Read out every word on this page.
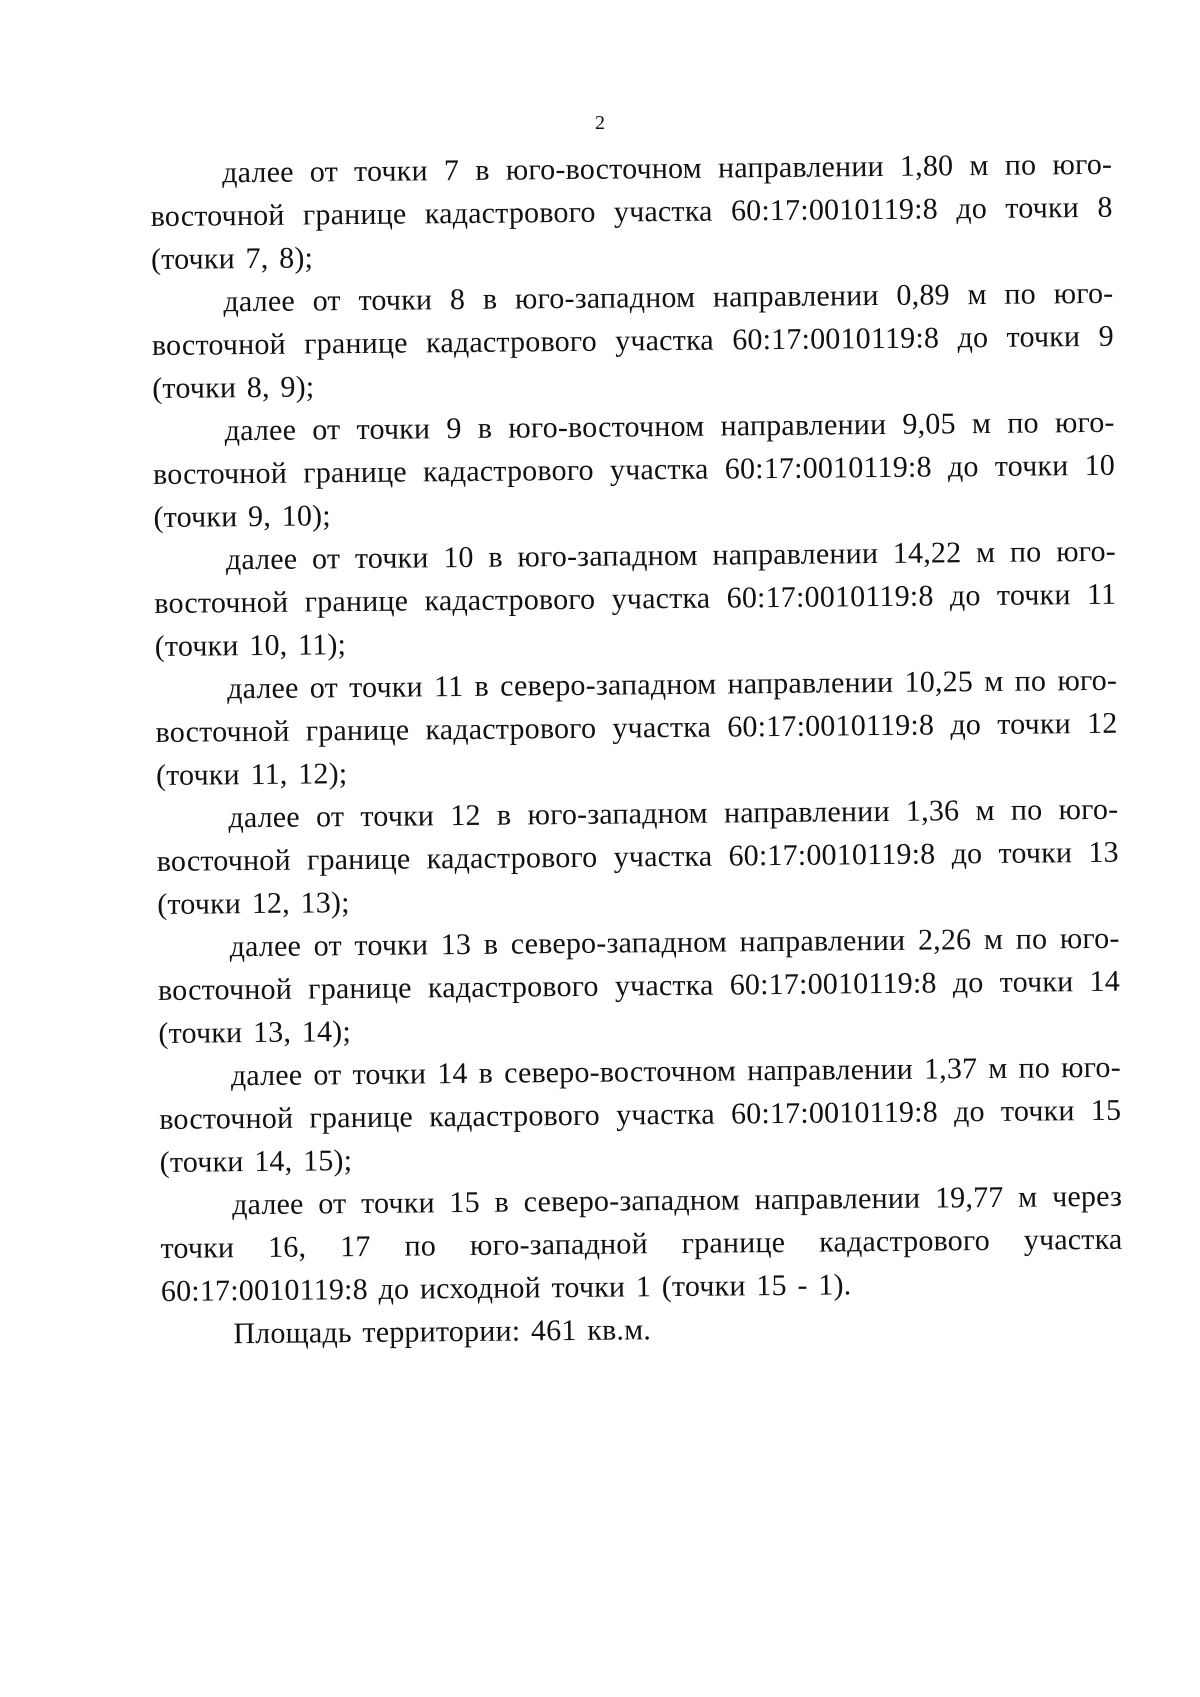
2

далее от точки 7 в юго-восточном направлении 1,80 м по юго-восточной границе кадастрового участка 60:17:0010119:8 до точки 8 (точки 7, 8);

далее от точки 8 в юго-западном направлении 0,89 м по юго-восточной границе кадастрового участка 60:17:0010119:8 до точки 9 (точки 8, 9);

далее от точки 9 в юго-восточном направлении 9,05 м по юго-восточной границе кадастрового участка 60:17:0010119:8 до точки 10 (точки 9, 10);

далее от точки 10 в юго-западном направлении 14,22 м по юго-восточной границе кадастрового участка 60:17:0010119:8 до точки 11 (точки 10, 11);

далее от точки 11 в северо-западном направлении 10,25 м по юго-восточной границе кадастрового участка 60:17:0010119:8 до точки 12 (точки 11, 12);

далее от точки 12 в юго-западном направлении 1,36 м по юго-восточной границе кадастрового участка 60:17:0010119:8 до точки 13 (точки 12, 13);

далее от точки 13 в северо-западном направлении 2,26 м по юго-восточной границе кадастрового участка 60:17:0010119:8 до точки 14 (точки 13, 14);

далее от точки 14 в северо-восточном направлении 1,37 м по юго-восточной границе кадастрового участка 60:17:0010119:8 до точки 15 (точки 14, 15);

далее от точки 15 в северо-западном направлении 19,77 м через точки 16, 17 по юго-западной границе кадастрового участка 60:17:0010119:8 до исходной точки 1 (точки 15 - 1).

Площадь территории: 461 кв.м.
